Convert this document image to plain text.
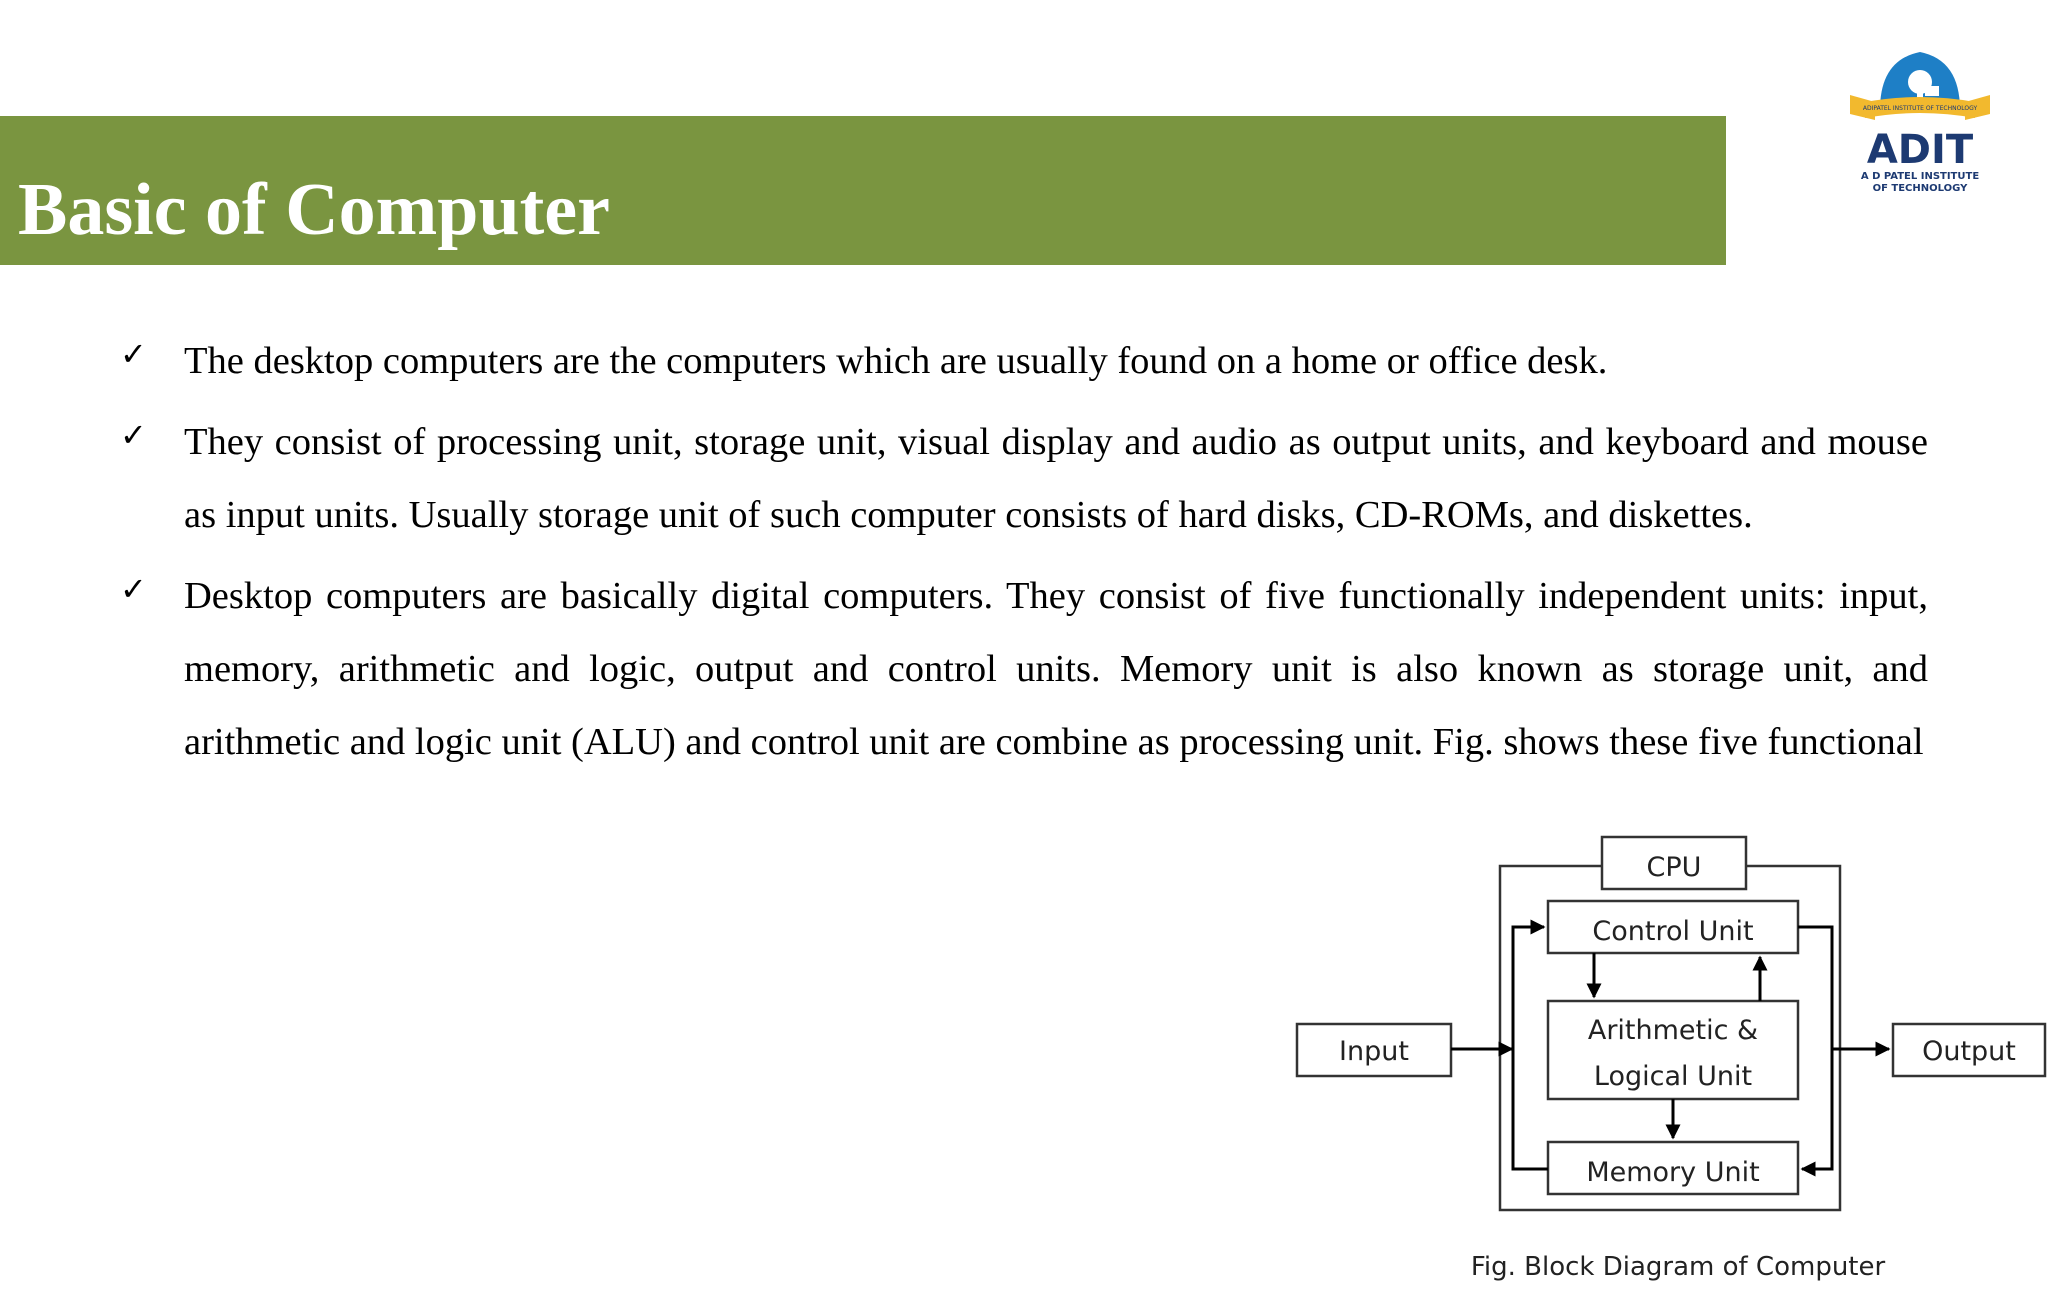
Basic of Computer
ADIPATEL INSTITUTE OF TECHNOLOGY
ADIT
A D PATEL INSTITUTE
OF TECHNOLOGY
✓ The desktop computers are the computers which are usually found on a home or office desk.
✓ They consist of processing unit, storage unit, visual display and audio as output units, and keyboard and mouse as input units. Usually storage unit of such computer consists of hard disks, CD-ROMs, and diskettes.
✓ Desktop computers are basically digital computers. They consist of five functionally independent units: input, memory, arithmetic and logic, output and control units. Memory unit is also known as storage unit, and arithmetic and logic unit (ALU) and control unit are combine as processing unit. Fig. shows these five functional
CPU
Control Unit
Arithmetic &
Logical Unit
Memory Unit
Input	Output
Fig. Block Diagram of Computer
